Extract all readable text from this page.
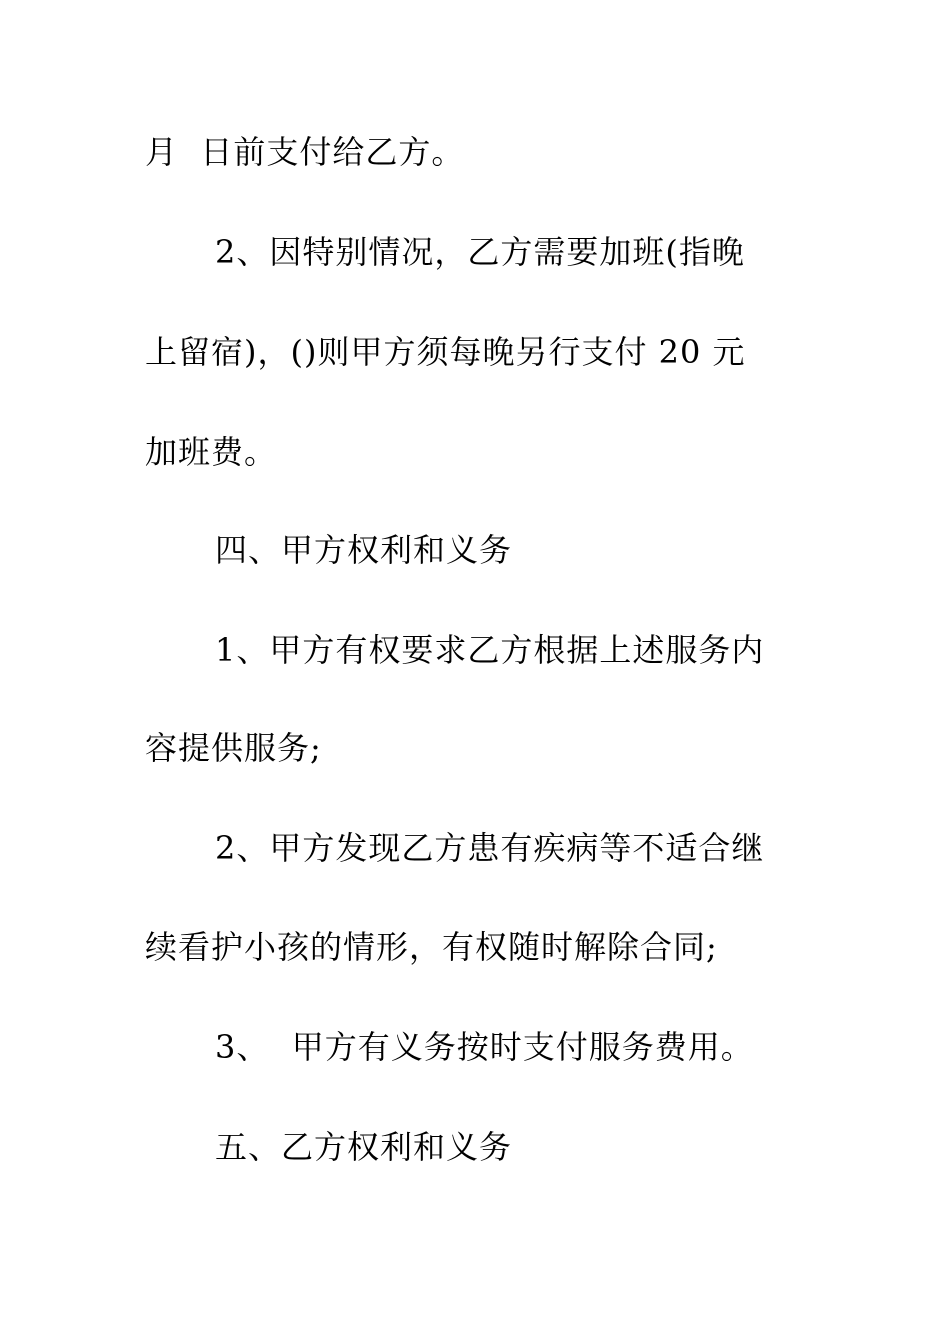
月  日前支付给乙方。
2、因特别情况，乙方需要加班(指晚
上留宿)，()则甲方须每晚另行支付 20 元
加班费。
四、甲方权利和义务
1、甲方有权要求乙方根据上述服务内
容提供服务;
2、甲方发现乙方患有疾病等不适合继
续看护小孩的情形，有权随时解除合同;
3、  甲方有义务按时支付服务费用。
五、乙方权利和义务
